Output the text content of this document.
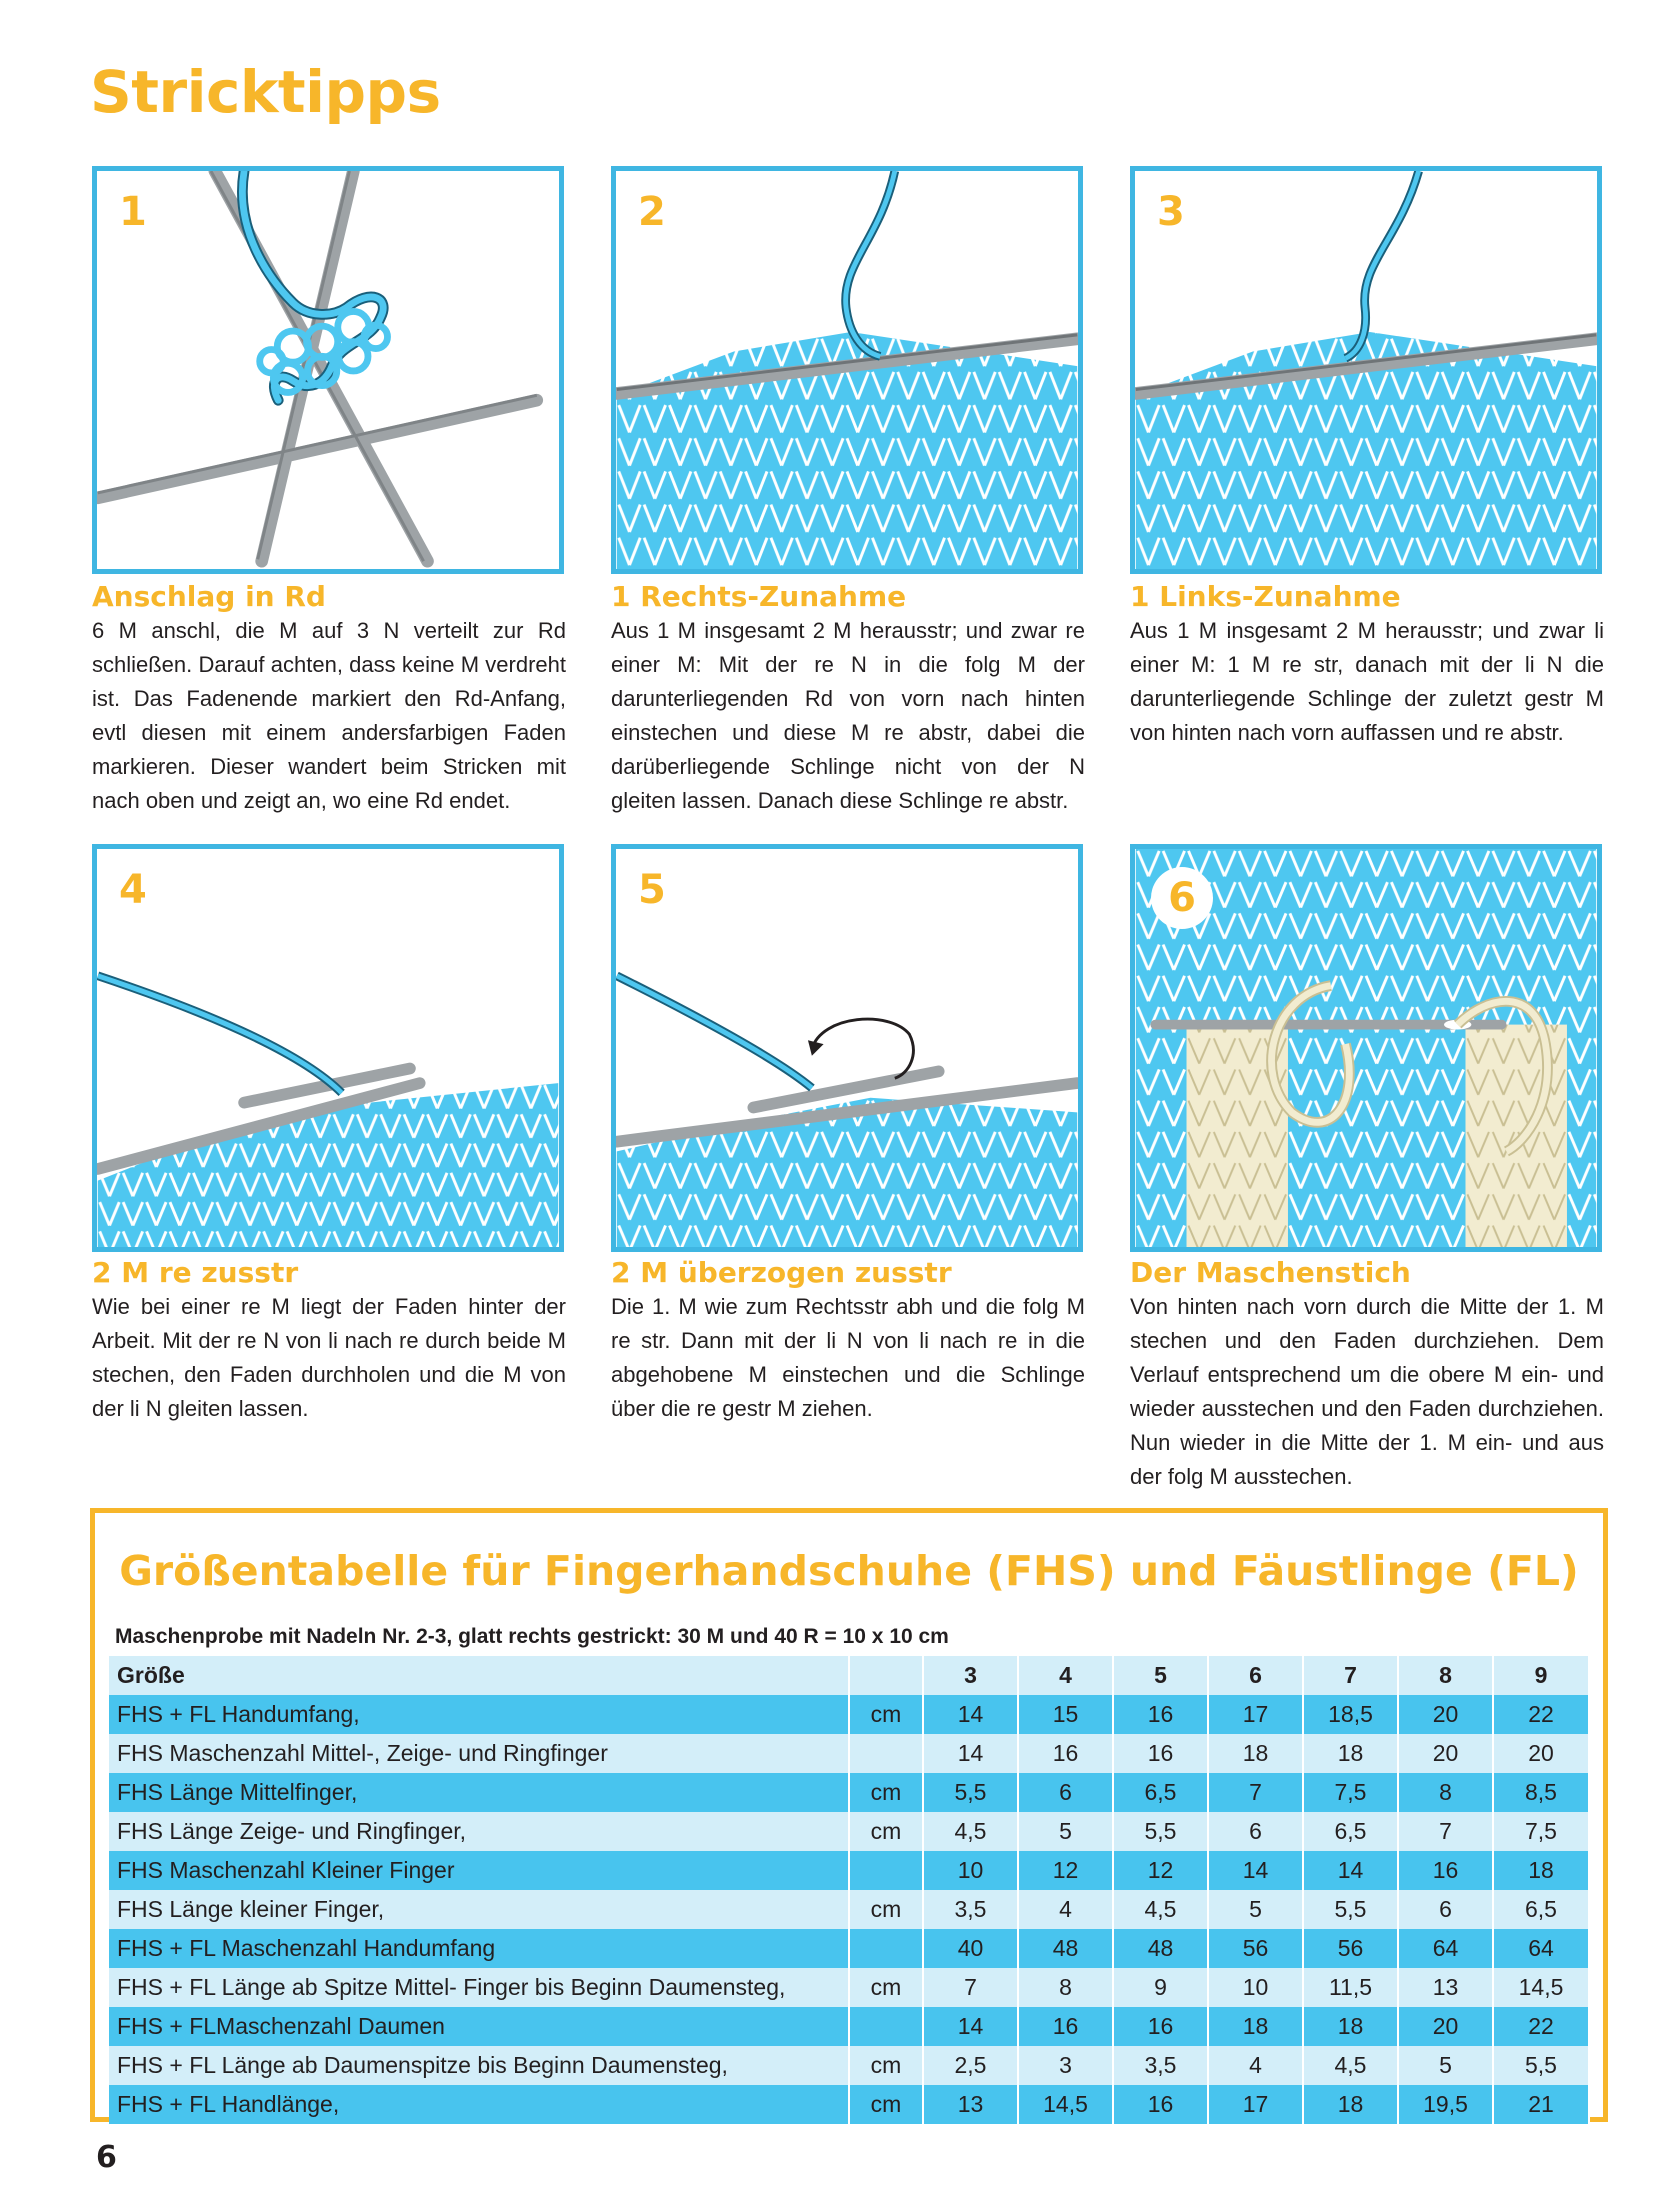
Stricktipps
1	2	3
4	5	6
Anschlag in Rd

6 M anschl, die M auf 3 N verteilt zur Rd schließen. Darauf achten, dass keine M verdreht ist. Das Fadenende markiert den Rd-Anfang, evtl diesen mit einem andersfarbigen Faden markieren. Dieser wandert beim Stricken mit nach oben und zeigt an, wo eine Rd endet.

1 Rechts-Zunahme

Aus 1 M insgesamt 2 M herausstr; und zwar re einer M: Mit der re N in die folg M der darunterliegenden Rd von vorn nach hinten einstechen und diese M re abstr, dabei die darüberliegende Schlinge nicht von der N gleiten lassen. Danach diese Schlinge re abstr.

1 Links-Zunahme

Aus 1 M insgesamt 2 M herausstr; und zwar li einer M: 1 M re str, danach mit der li N die darunterliegende Schlinge der zuletzt gestr M von hinten nach vorn auffassen und re abstr.

2 M re zusstr

Wie bei einer re M liegt der Faden hinter der Arbeit. Mit der re N von li nach re durch beide M stechen, den Faden durchholen und die M von der li N gleiten lassen.

2 M überzogen zusstr

Die 1. M wie zum Rechtsstr abh und die folg M re str. Dann mit der li N von li nach re in die abgehobene M einstechen und die Schlinge über die re gestr M ziehen.

Der Maschenstich

Von hinten nach vorn durch die Mitte der 1. M stechen und den Faden durchziehen. Dem Verlauf entsprechend um die obere M ein- und wieder ausstechen und den Faden durchziehen. Nun wieder in die Mitte der 1. M ein- und aus der folg M ausstechen.

Größentabelle für Fingerhandschuhe (FHS) und Fäustlinge (FL)

Maschenprobe mit Nadeln Nr. 2-3, glatt rechts gestrickt: 30 M und 40 R = 10 x 10 cm

Größe		3	4	5	6	7	8	9
FHS + FL Handumfang,	cm	14	15	16	17	18,5	20	22
FHS Maschenzahl Mittel-, Zeige- und Ringfinger		14	16	16	18	18	20	20
FHS Länge Mittelfinger,	cm	5,5	6	6,5	7	7,5	8	8,5
FHS Länge Zeige- und Ringfinger,	cm	4,5	5	5,5	6	6,5	7	7,5
FHS Maschenzahl Kleiner Finger		10	12	12	14	14	16	18
FHS Länge kleiner Finger,	cm	3,5	4	4,5	5	5,5	6	6,5
FHS + FL Maschenzahl Handumfang		40	48	48	56	56	64	64
FHS + FL Länge ab Spitze Mittel- Finger bis Beginn Daumensteg,	cm	7	8	9	10	11,5	13	14,5
FHS + FLMaschenzahl Daumen		14	16	16	18	18	20	22
FHS + FL Länge ab Daumenspitze bis Beginn Daumensteg,	cm	2,5	3	3,5	4	4,5	5	5,5
FHS + FL Handlänge,	cm	13	14,5	16	17	18	19,5	21

6
